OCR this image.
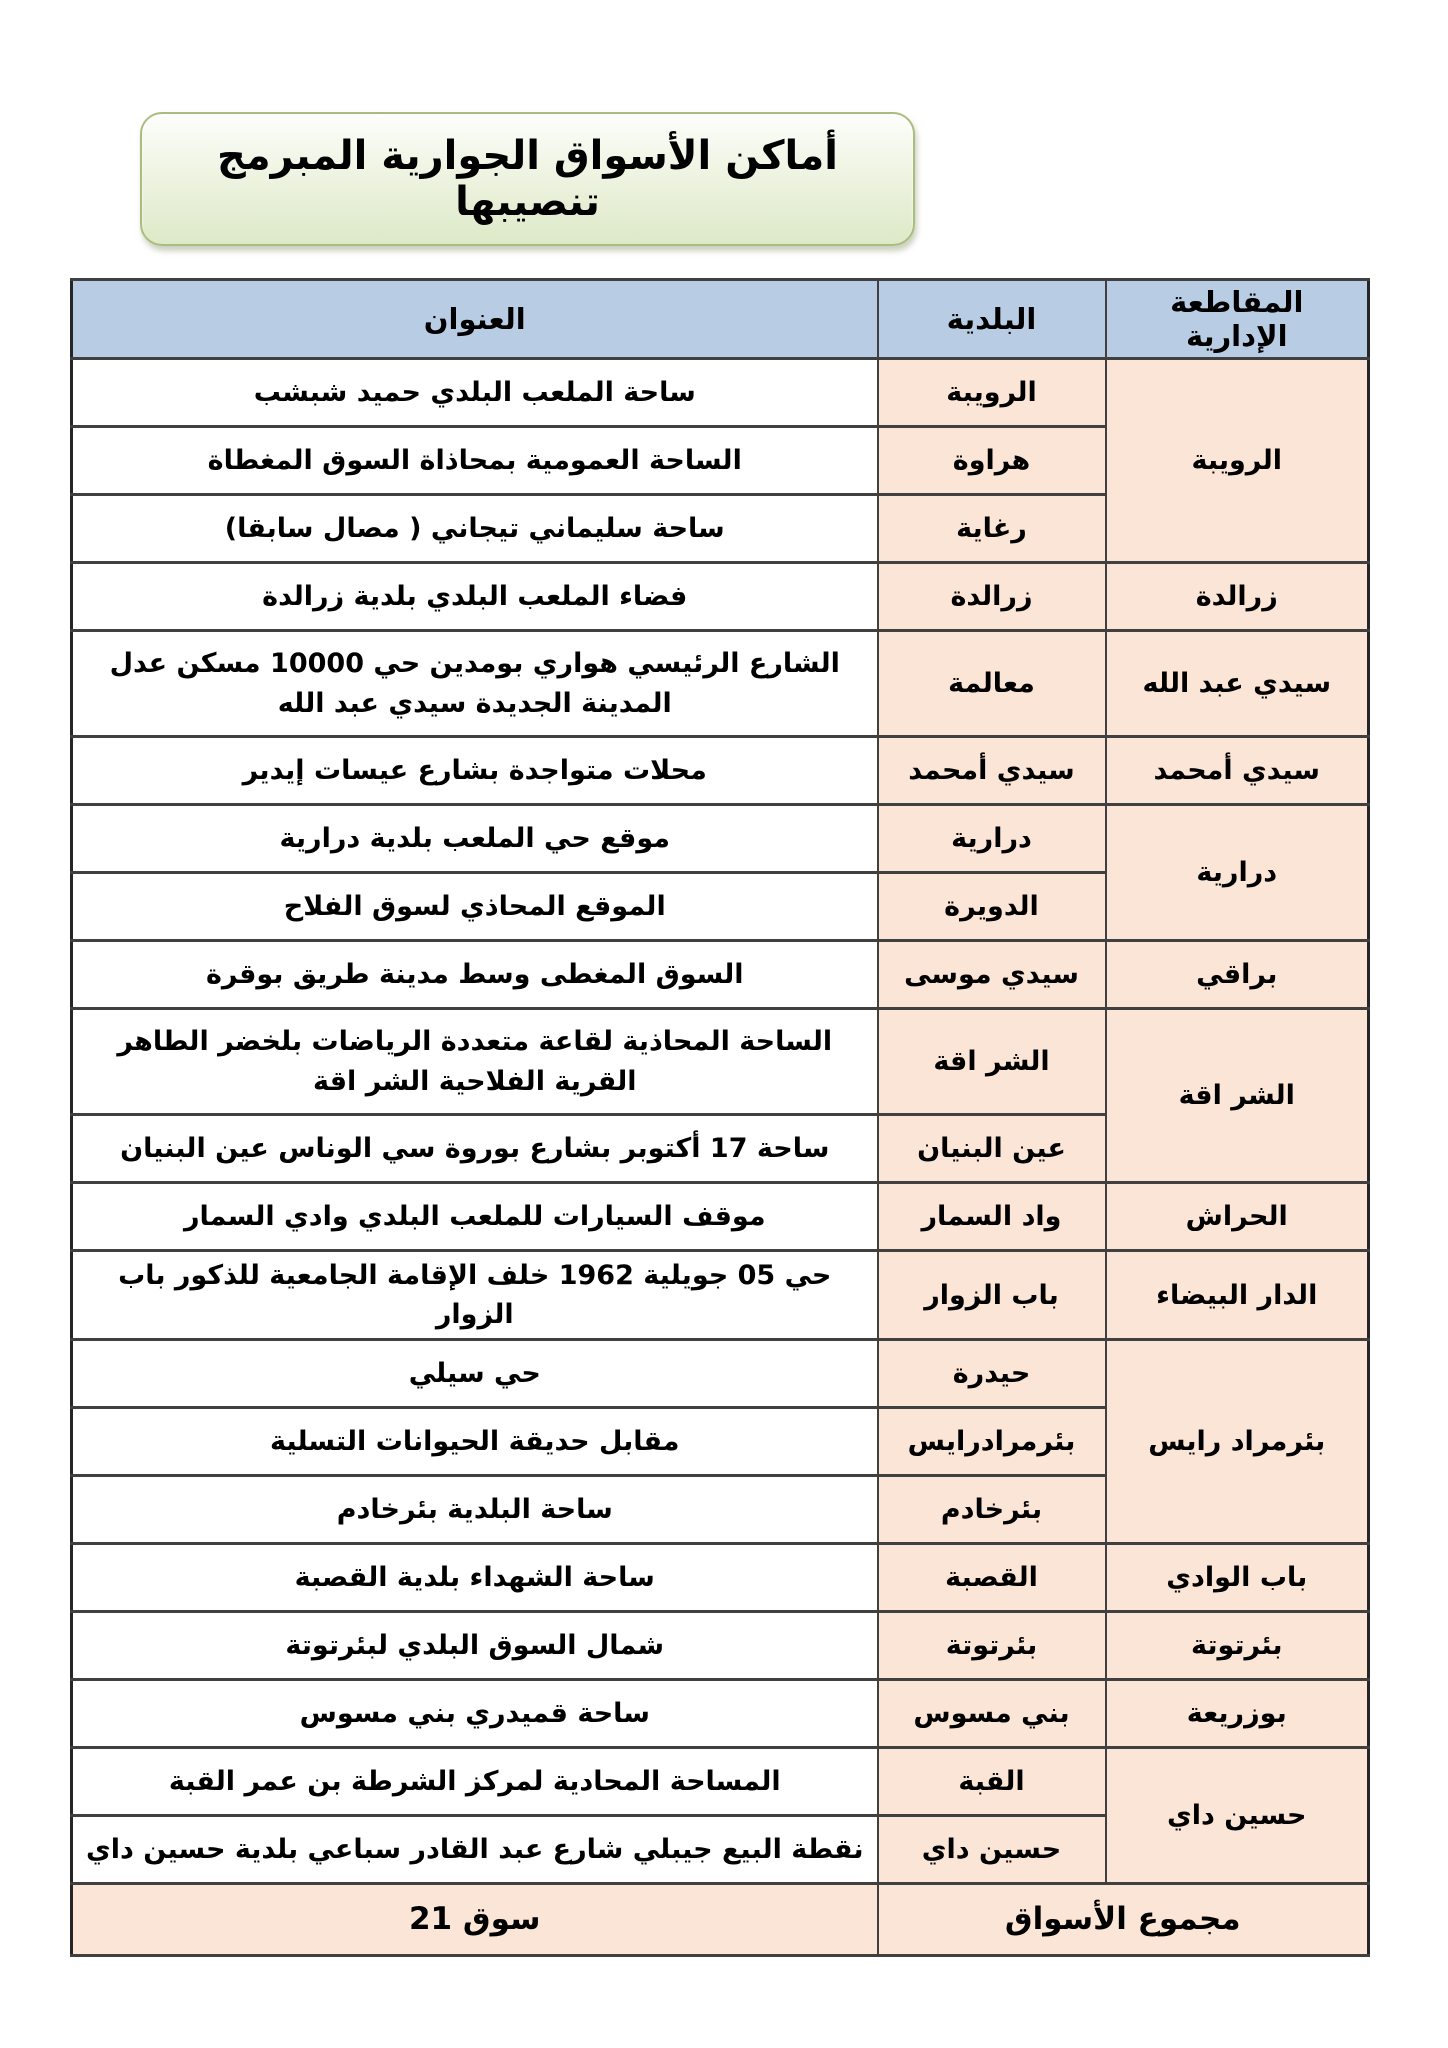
أماكن الأسواق الجوارية المبرمج تنصيبها
المقاطعة الإدارية	البلدية	العنوان
الرويبة	الرويبة	ساحة الملعب البلدي حميد شبشب
	هراوة	الساحة العمومية بمحاذاة السوق المغطاة
	رغاية	ساحة سليماني تيجاني ( مصال سابقا)
زرالدة	زرالدة	فضاء الملعب البلدي بلدية زرالدة
سيدي عبد الله	معالمة	الشارع الرئيسي هواري بومدين حي 10000 مسكن عدل المدينة الجديدة سيدي عبد الله
سيدي أمحمد	سيدي أمحمد	محلات متواجدة بشارع عيسات إيدير
درارية	درارية	موقع حي الملعب بلدية درارية
	الدويرة	الموقع المحاذي لسوق الفلاح
براقي	سيدي موسى	السوق المغطى وسط مدينة طريق بوقرة
الشر اقة	الشر اقة	الساحة المحاذية لقاعة متعددة الرياضات بلخضر الطاهر القرية الفلاحية الشر اقة
	عين البنيان	ساحة 17 أكتوبر بشارع بوروة سي الوناس عين البنيان
الحراش	واد السمار	موقف السيارات للملعب البلدي وادي السمار
الدار البيضاء	باب الزوار	حي 05 جويلية 1962 خلف الإقامة الجامعية للذكور باب الزوار
بئرمراد رايس	حيدرة	حي سيلي
	بئرمرادرايس	مقابل حديقة الحيوانات التسلية
	بئرخادم	ساحة البلدية بئرخادم
باب الوادي	القصبة	ساحة الشهداء بلدية القصبة
بئرتوتة	بئرتوتة	شمال السوق البلدي لبئرتوتة
بوزريعة	بني مسوس	ساحة قميدري بني مسوس
حسين داي	القبة	المساحة المحادية لمركز الشرطة بن عمر القبة
	حسين داي	نقطة البيع جيبلي شارع عبد القادر سباعي بلدية حسين داي
مجموع الأسواق		21 سوق
